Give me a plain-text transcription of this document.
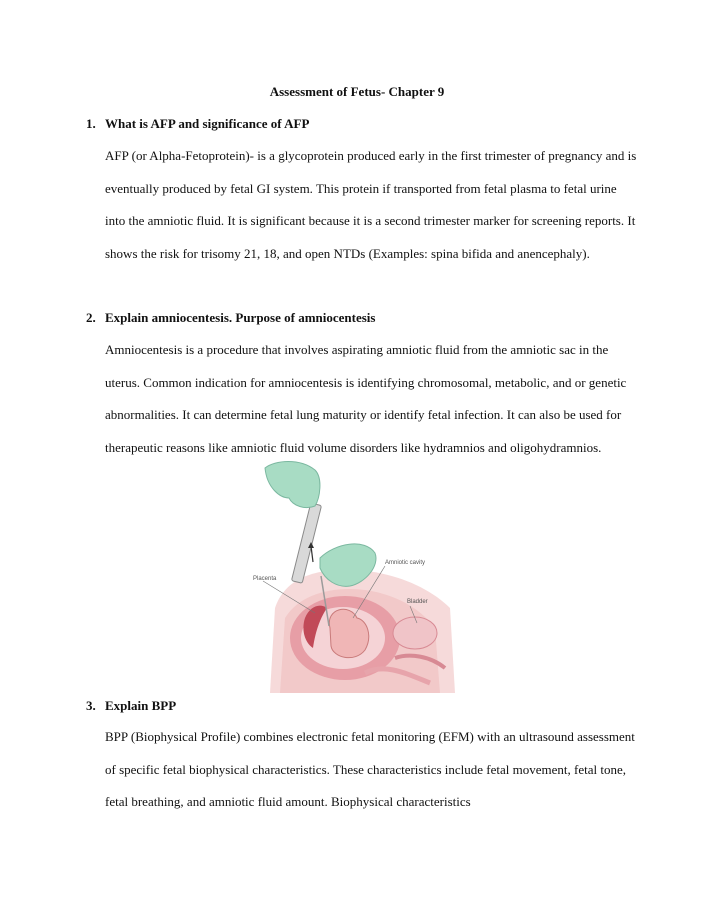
Assessment of Fetus- Chapter 9
1. What is AFP and significance of AFP

AFP (or Alpha-Fetoprotein)- is a glycoprotein produced early in the first trimester of pregnancy and is eventually produced by fetal GI system. This protein if transported from fetal plasma to fetal urine into the amniotic fluid. It is significant because it is a second trimester marker for screening reports. It shows the risk for trisomy 21, 18, and open NTDs (Examples: spina bifida and anencephaly).

2. Explain amniocentesis. Purpose of amniocentesis

Amniocentesis is a procedure that involves aspirating amniotic fluid from the amniotic sac in the uterus. Common indication for amniocentesis is identifying chromosomal, metabolic, and or genetic abnormalities. It can determine fetal lung maturity or identify fetal infection. It can also be used for therapeutic reasons like amniotic fluid volume disorders like hydramnios and oligohydramnios.

Placenta
Amniotic cavity
Bladder
3. Explain BPP

BPP (Biophysical Profile) combines electronic fetal monitoring (EFM) with an ultrasound assessment of specific fetal biophysical characteristics. These characteristics include fetal movement, fetal tone, fetal breathing, and amniotic fluid amount. Biophysical characteristics
